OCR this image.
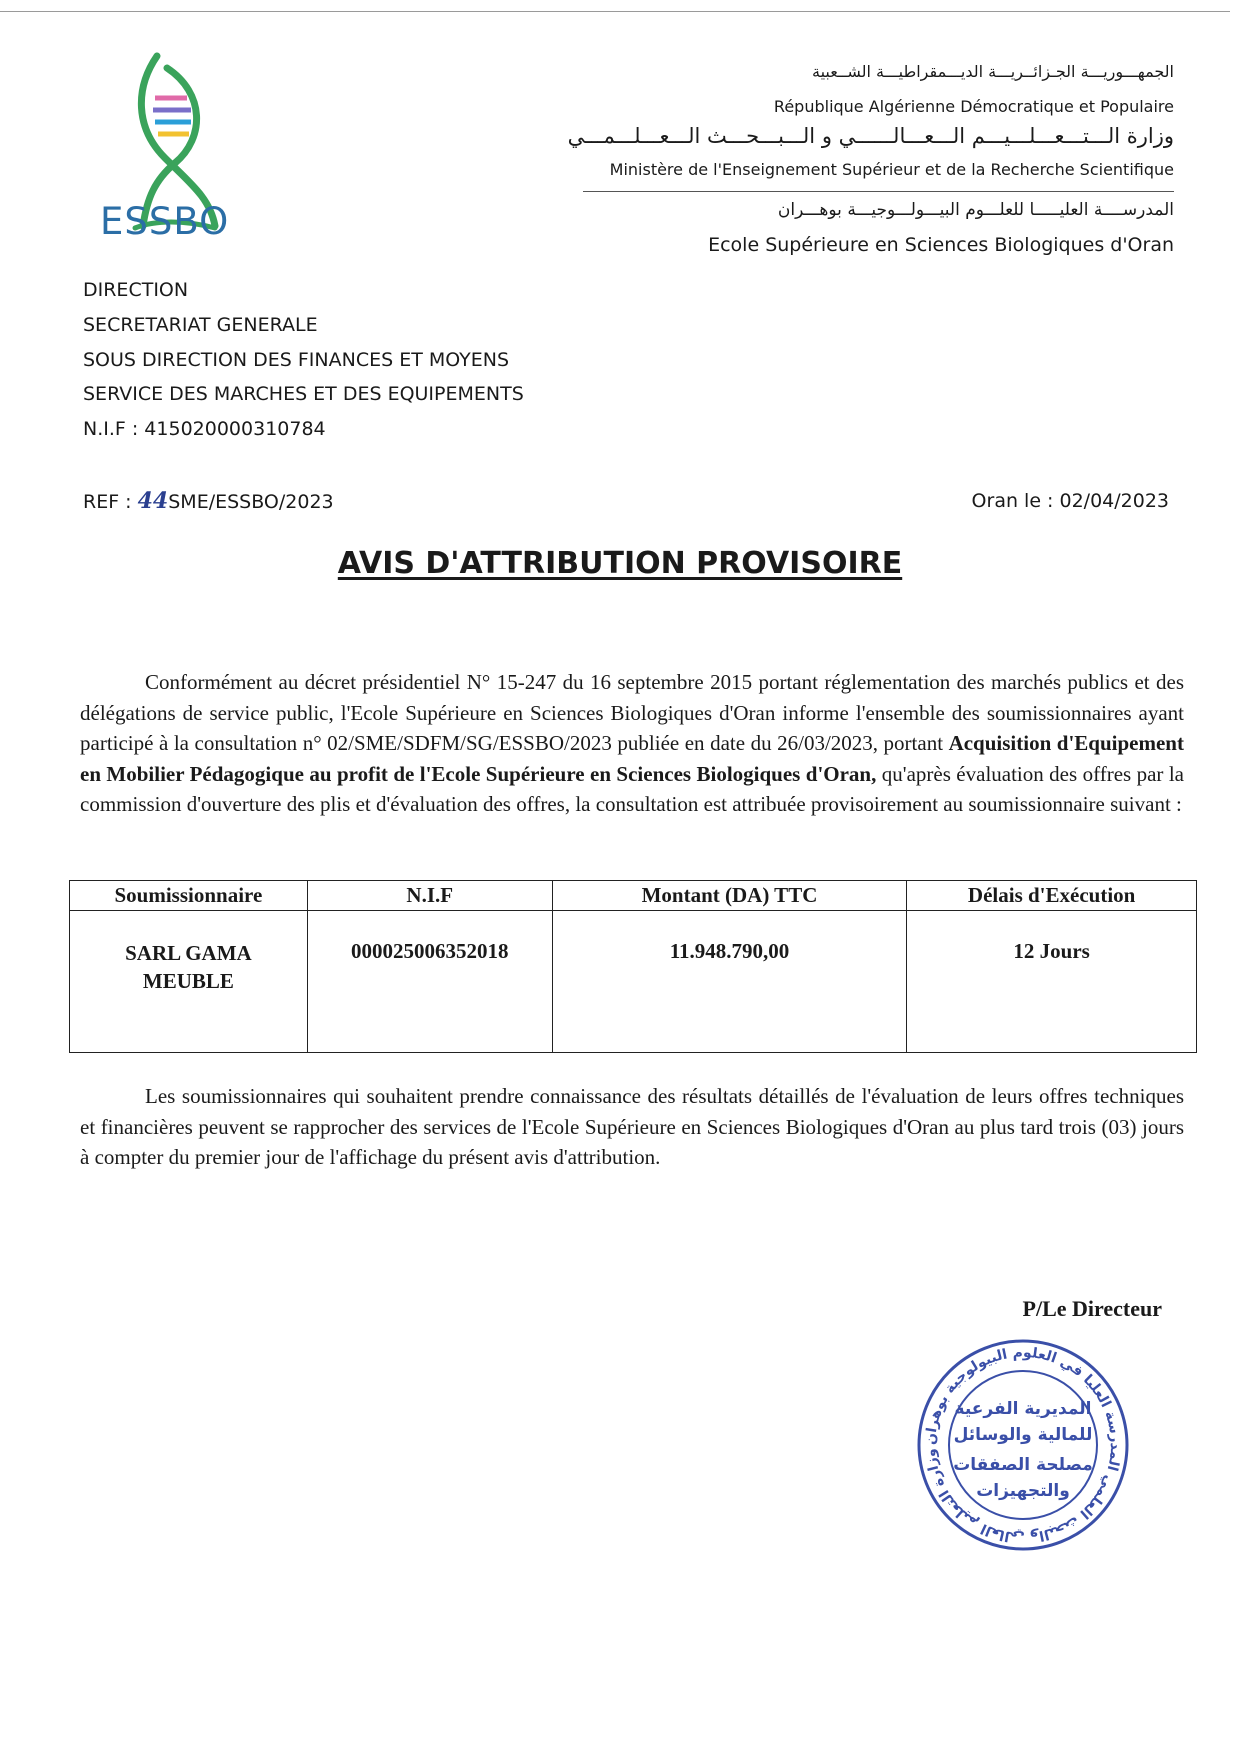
ESSBO
الجمهـــوريـــة الجـزائــريـــة الديـــمقراطيـــة الشــعبية
République Algérienne Démocratique et Populaire
وزارة الـــتـــعـــلـــيـــم الـــعـــالــــــي و الـــبـــحـــث الـــعـــلـــمـــي
Ministère de l'Enseignement Supérieur et de la Recherche Scientifique
المدرســــة العليـــــا للعلـــوم البيـــولـــوجيـــة بوهـــران
Ecole Supérieure en Sciences Biologiques d'Oran
DIRECTION
SECRETARIAT GENERALE
SOUS DIRECTION DES FINANCES ET MOYENS
SERVICE DES MARCHES ET DES EQUIPEMENTS
N.I.F : 415020000310784
REF : 44SME/ESSBO/2023	Oran le : 02/04/2023
AVIS D'ATTRIBUTION PROVISOIRE
Conformément au décret présidentiel N° 15-247 du 16 septembre 2015 portant réglementation des marchés publics et des délégations de service public, l'Ecole Supérieure en Sciences Biologiques d'Oran informe l'ensemble des soumissionnaires ayant participé à la consultation n° 02/SME/SDFM/SG/ESSBO/2023 publiée en date du 26/03/2023, portant Acquisition d'Equipement en Mobilier Pédagogique au profit de l'Ecole Supérieure en Sciences Biologiques d'Oran, qu'après évaluation des offres par la commission d'ouverture des plis et d'évaluation des offres, la consultation est attribuée provisoirement au soumissionnaire suivant :
Soumissionnaire	N.I.F	Montant (DA) TTC	Délais d'Exécution

SARL GAMA MEUBLE	000025006352018	11.948.790,00	12 Jours
Les soumissionnaires qui souhaitent prendre connaissance des résultats détaillés de l'évaluation de leurs offres techniques et financières peuvent se rapprocher des services de l'Ecole Supérieure en Sciences Biologiques d'Oran au plus tard trois (03) jours à compter du premier jour de l'affichage du présent avis d'attribution.
P/Le Directeur
وزارة التعليم العالي والبحث العلمي المدرسة العليا في العلوم البيولوجية بوهران
المديرية الفرعية
للمالية والوسائل
مصلحة الصفقات
والتجهيزات
